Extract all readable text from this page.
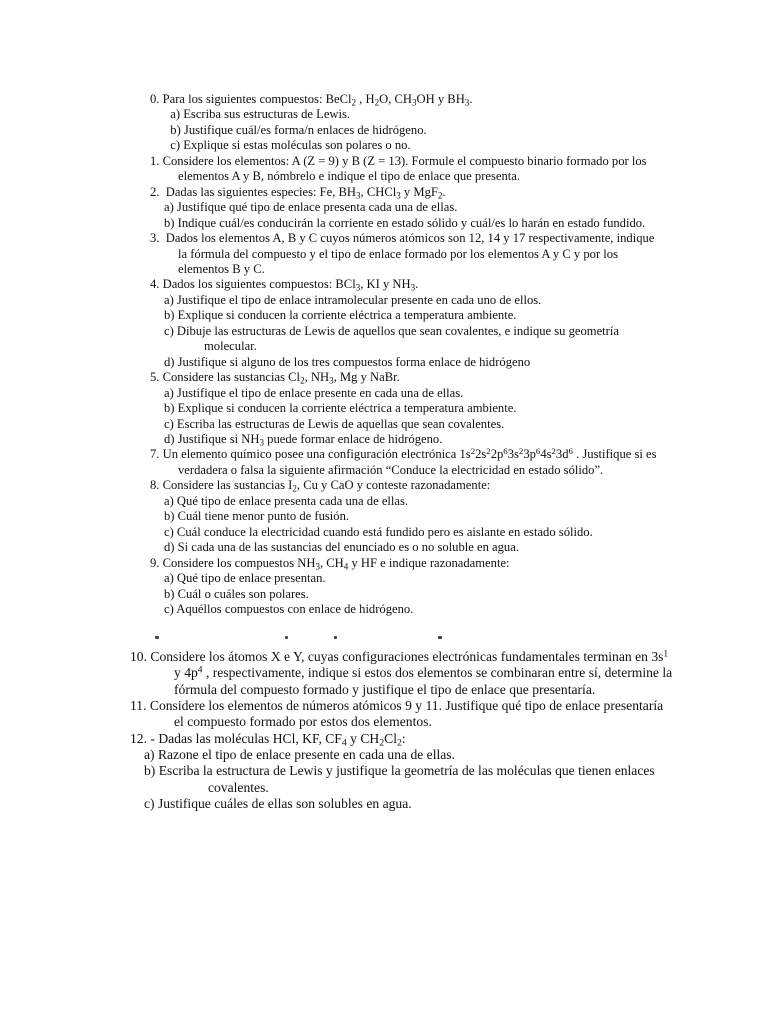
0. Para los siguientes compuestos: BeCl$_2$ , $H_2O$, $CH_3OH$ y $BH_3$.
a) Escriba sus estructuras de Lewis.
b) Justifique cuál/es forma/n enlaces de hidrógeno.
c) Explique si estas moléculas son polares o no.
1. Considere los elementos: A (Z = 9) y B (Z = 13). Formule el compuesto binario formado por los
elementos A y B, nómbrelo e indique el tipo de enlace que presenta.
2.  Dadas las siguientes especies: Fe, $BH_3$, CHCl$_3$ y MgF$_2$.
a) Justifique qué tipo de enlace presenta cada una de ellas.
b) Indique cuál/es conducirán la corriente en estado sólido y cuál/es lo harán en estado fundido.
3.  Dados los elementos A, B y C cuyos números atómicos son 12, 14 y 17 respectivamente, indique
la fórmula del compuesto y el tipo de enlace formado por los elementos A y C y por los
elementos B y C.
4. Dados los siguientes compuestos: BCl$_3$, KI y $NH_3$.
a) Justifique el tipo de enlace intramolecular presente en cada uno de ellos.
b) Explique si conducen la corriente eléctrica a temperatura ambiente.
c) Dibuje las estructuras de Lewis de aquellos que sean covalentes, e indique su geometría
molecular.
d) Justifique si alguno de los tres compuestos forma enlace de hidrógeno
5. Considere las sustancias $Cl_2$, $NH_3$, Mg y NaBr.
a) Justifique el tipo de enlace presente en cada una de ellas.
b) Explique si conducen la corriente eléctrica a temperatura ambiente.
c) Escriba las estructuras de Lewis de aquellas que sean covalentes.
d) Justifique si $NH_3$ puede formar enlace de hidrógeno.
7. Un elemento químico posee una configuración electrónica $1s^22s^22p^63s^23p^64s^23d^6$ . Justifique si es
verdadera o falsa la siguiente afirmación “Conduce la electricidad en estado sólido”.
8. Considere las sustancias $I_2$, Cu y CaO y conteste razonadamente:
a) Qué tipo de enlace presenta cada una de ellas.
b) Cuál tiene menor punto de fusión.
c) Cuál conduce la electricidad cuando está fundido pero es aislante en estado sólido.
d) Si cada una de las sustancias del enunciado es o no soluble en agua.
9. Considere los compuestos $NH_3$, $CH_4$ y HF e indique razonadamente:
a) Qué tipo de enlace presentan.
b) Cuál o cuáles son polares.
c) Aquéllos compuestos con enlace de hidrógeno.
10. Considere los átomos X e Y, cuyas configuraciones electrónicas fundamentales terminan en $3s^1$
y $4p^4$ , respectivamente, indique si estos dos elementos se combinaran entre sí, determine la
fórmula del compuesto formado y justifique el tipo de enlace que presentaría.
11. Considere los elementos de números atómicos 9 y 11. Justifique qué tipo de enlace presentaría
el compuesto formado por estos dos elementos.
12. - Dadas las moléculas HCl, KF, $CF_4$ y $CH_2Cl_2$:
a) Razone el tipo de enlace presente en cada una de ellas.
b) Escriba la estructura de Lewis y justifique la geometría de las moléculas que tienen enlaces
covalentes.
c) Justifique cuáles de ellas son solubles en agua.
